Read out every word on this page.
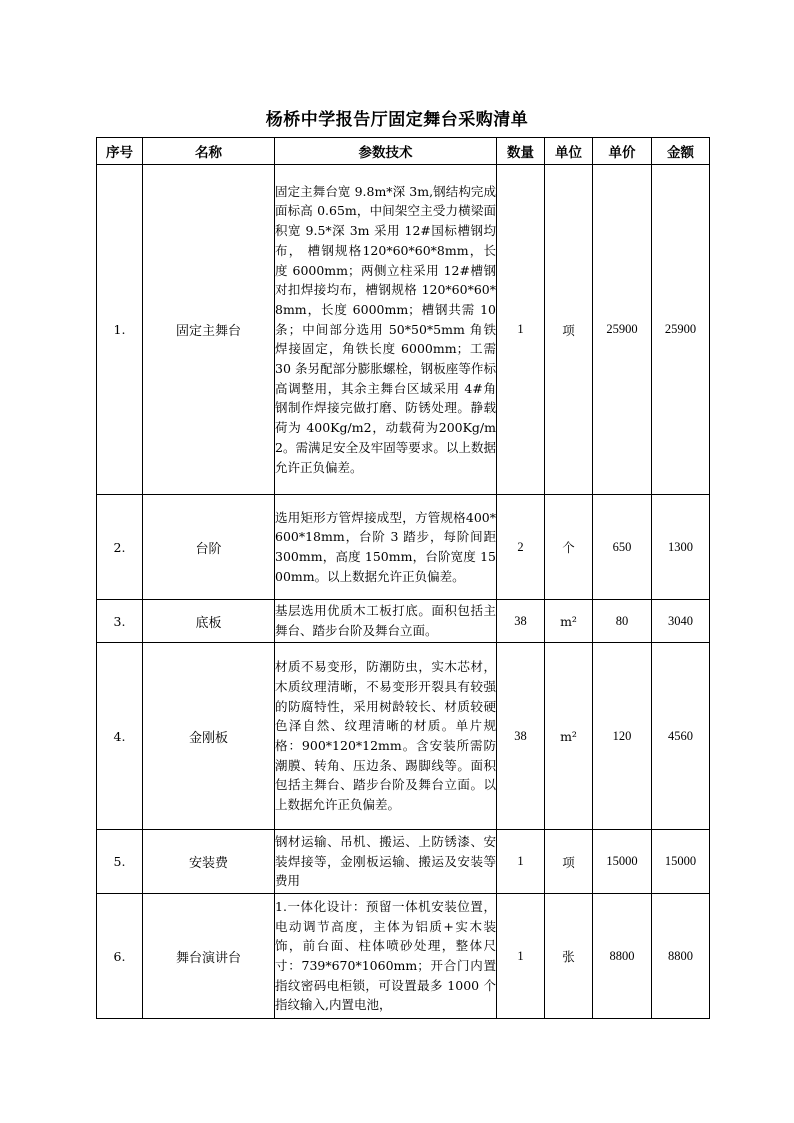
杨桥中学报告厅固定舞台采购清单
序号	名称	参数技术	数量	单位	单价	金额
1.	固定主舞台	固定主舞台宽 9.8m*深 3m,钢结构完成面标高 0.65m，中间架空主受力横梁面积宽 9.5*深 3m 采用 12#国标槽钢均布， 槽钢规格120*60*60*8mm，长度 6000mm；两侧立柱采用 12#槽钢对扣焊接均布，槽钢规格 120*60*60*8mm，长度 6000mm；槽钢共需 10 条；中间部分选用 50*50*5mm 角铁焊接固定，角铁长度 6000mm；工需 30 条另配部分膨胀螺栓，钢板座等作标高调整用，其余主舞台区域采用 4#角钢制作焊接完做打磨、防锈处理。静载荷为 400Kg/m2，动载荷为200Kg/m2。需满足安全及牢固等要求。以上数据允许正负偏差。	1	项	25900	25900
2.	台阶	选用矩形方管焊接成型，方管规格400*600*18mm，台阶 3 踏步，每阶间距 300mm，高度 150mm，台阶宽度 1500mm。以上数据允许正负偏差。	2	个	650	1300
3.	底板	基层选用优质木工板打底。面积包括主舞台、踏步台阶及舞台立面。	38	m²	80	3040
4.	金刚板	材质不易变形，防潮防虫，实木芯材，木质纹理清晰，不易变形开裂具有较强的防腐特性，采用树龄较长、材质较硬色泽自然、纹理清晰的材质。单片规格：900*120*12mm。含安装所需防潮膜、转角、压边条、踢脚线等。面积包括主舞台、踏步台阶及舞台立面。以上数据允许正负偏差。	38	m²	120	4560
5.	安装费	钢材运输、吊机、搬运、上防锈漆、安装焊接等，金刚板运输、搬运及安装等费用	1	项	15000	15000
6.	舞台演讲台	1.一体化设计：预留一体机安装位置，电动调节高度，主体为铝质+实木装饰，前台面、柱体喷砂处理，整体尺寸：739*670*1060mm；开合门内置指纹密码电柜锁，可设置最多 1000 个指纹输入,内置电池，	1	张	8800	8800
